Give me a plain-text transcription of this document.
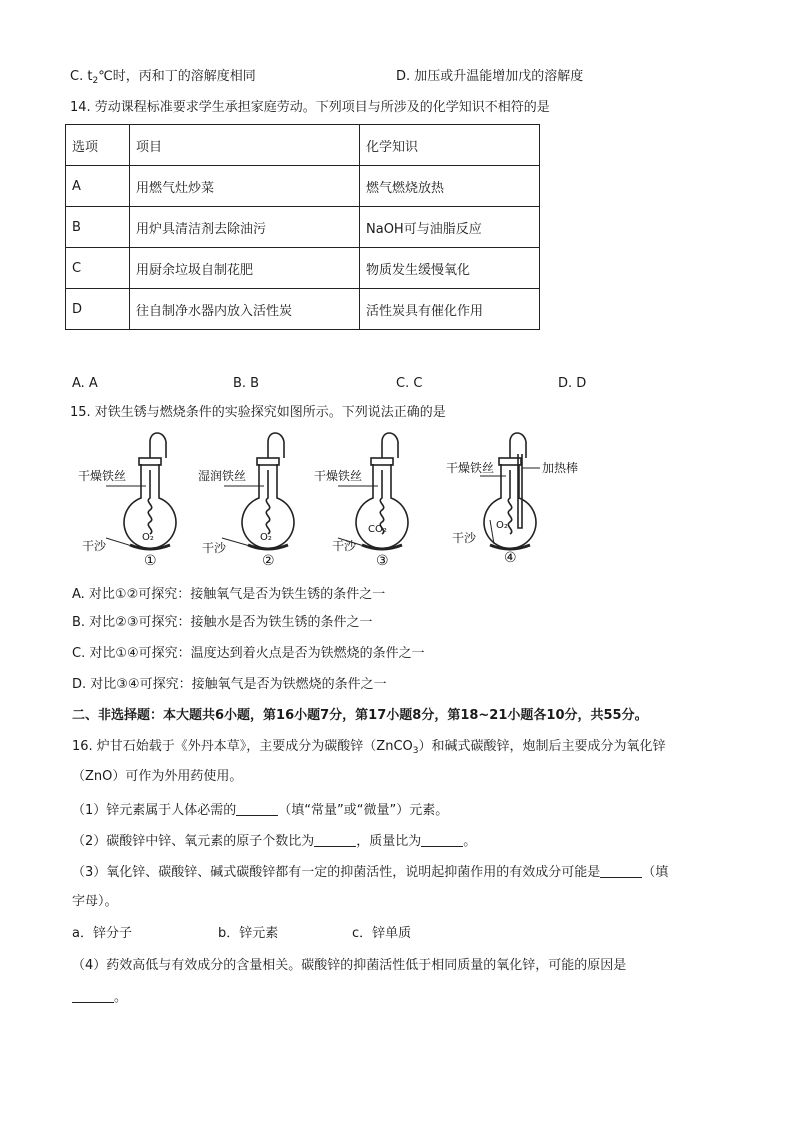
C. $t_2℃$时，丙和丁的溶解度相同	D. 加压或升温能增加戊的溶解度
14. 劳动课程标准要求学生承担家庭劳动。下列项目与所涉及的化学知识不相符的是
选项	项目	化学知识
A	用燃气灶炒菜	燃气燃烧放热
B	用炉具清洁剂去除油污	NaOH可与油脂反应
C	用厨余垃圾自制花肥	物质发生缓慢氧化
D	往自制净水器内放入活性炭	活性炭具有催化作用
A. A	B. B	C. C	D. D
15. 对铁生锈与燃烧条件的实验探究如图所示。下列说法正确的是
干燥铁丝
O₂
干沙
①
湿润铁丝
O₂
干沙
②
干燥铁丝
CO₂
干沙
③
干燥铁丝	加热棒
O₂
干沙
④
A. 对比①②可探究：接触氧气是否为铁生锈的条件之一
B. 对比②③可探究：接触水是否为铁生锈的条件之一
C. 对比①④可探究：温度达到着火点是否为铁燃烧的条件之一
D. 对比③④可探究：接触氧气是否为铁燃烧的条件之一
二、非选择题：本大题共6小题，第16小题7分，第17小题8分，第18~21小题各10分，共55分。
16. 炉甘石始载于《外丹本草》，主要成分为碳酸锌（ZnCO$_3$）和碱式碳酸锌，炮制后主要成分为氧化锌
（ZnO）可作为外用药使用。
（1）锌元素属于人体必需的	（填“常量”或“微量”）元素。
（2）碳酸锌中锌、氧元素的原子个数比为	，质量比为	。
（3）氧化锌、碳酸锌、碱式碳酸锌都有一定的抑菌活性，说明起抑菌作用的有效成分可能是	（填
字母）。
a．锌分子	b．锌元素	c．锌单质
（4）药效高低与有效成分的含量相关。碳酸锌的抑菌活性低于相同质量的氧化锌，可能的原因是
。
